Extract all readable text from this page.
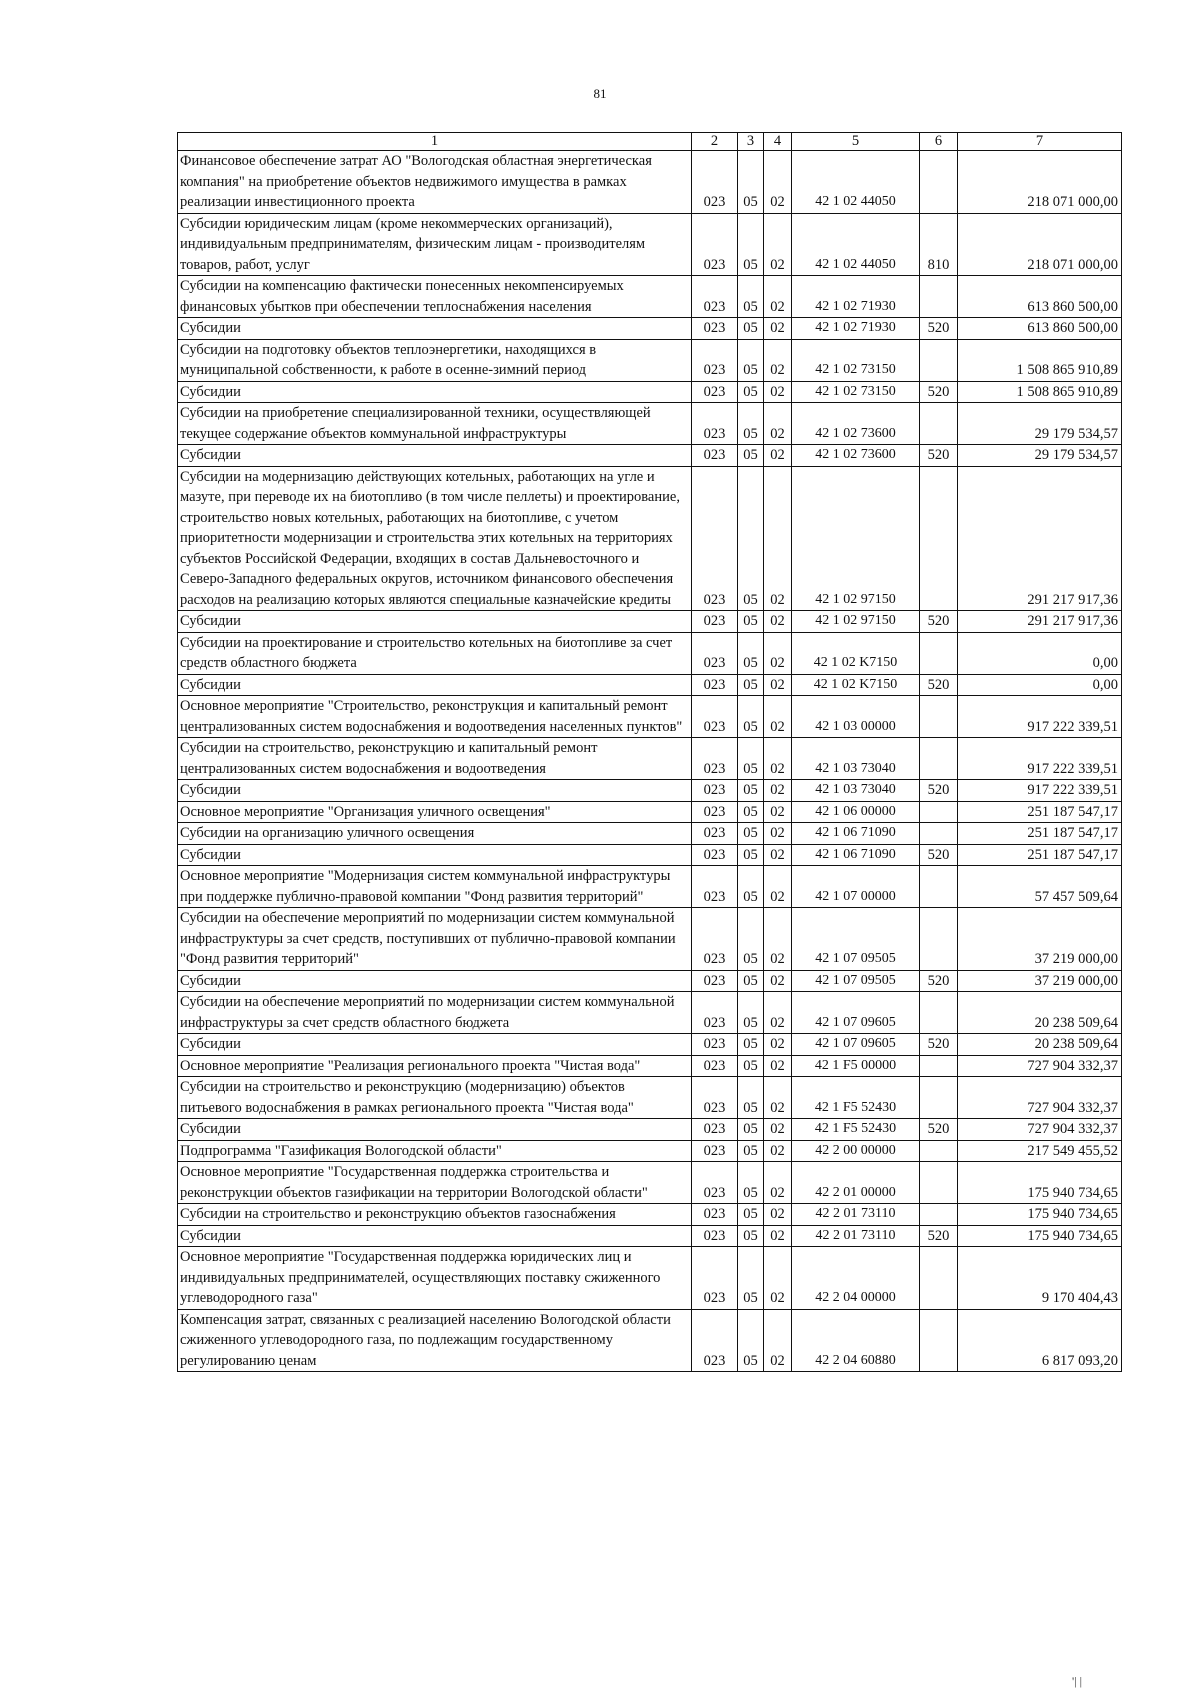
81
1	2	3	4	5	6	7
Финансовое обеспечение затрат АО "Вологодская областная энергетическая компания" на приобретение объектов недвижимого имущества в рамках реализации инвестиционного проекта	023	05	02	42 1 02 44050		218 071 000,00
Субсидии юридическим лицам (кроме некоммерческих организаций), индивидуальным предпринимателям, физическим лицам - производителям товаров, работ, услуг	023	05	02	42 1 02 44050	810	218 071 000,00
Субсидии на компенсацию фактически понесенных некомпенсируемых финансовых убытков при обеспечении теплоснабжения населения	023	05	02	42 1 02 71930		613 860 500,00
Субсидии	023	05	02	42 1 02 71930	520	613 860 500,00
Субсидии на подготовку объектов теплоэнергетики, находящихся в муниципальной собственности, к работе в осенне-зимний период	023	05	02	42 1 02 73150		1 508 865 910,89
Субсидии	023	05	02	42 1 02 73150	520	1 508 865 910,89
Субсидии на приобретение специализированной техники, осуществляющей текущее содержание объектов коммунальной инфраструктуры	023	05	02	42 1 02 73600		29 179 534,57
Субсидии	023	05	02	42 1 02 73600	520	29 179 534,57
Субсидии на модернизацию действующих котельных, работающих на угле и мазуте, при переводе их на биотопливо (в том числе пеллеты) и проектирование, строительство новых котельных, работающих на биотопливе, с учетом приоритетности модернизации и строительства этих котельных на территориях субъектов Российской Федерации, входящих в состав Дальневосточного и Северо-Западного федеральных округов, источником финансового обеспечения расходов на реализацию которых являются специальные казначейские кредиты	023	05	02	42 1 02 97150		291 217 917,36
Субсидии	023	05	02	42 1 02 97150	520	291 217 917,36
Субсидии на проектирование и строительство котельных на биотопливе за счет средств областного бюджета	023	05	02	42 1 02 K7150		0,00
Субсидии	023	05	02	42 1 02 K7150	520	0,00
Основное мероприятие "Строительство, реконструкция и капитальный ремонт централизованных систем водоснабжения и водоотведения населенных пунктов"	023	05	02	42 1 03 00000		917 222 339,51
Субсидии на строительство, реконструкцию и капитальный ремонт централизованных систем водоснабжения и водоотведения	023	05	02	42 1 03 73040		917 222 339,51
Субсидии	023	05	02	42 1 03 73040	520	917 222 339,51
Основное мероприятие "Организация уличного освещения"	023	05	02	42 1 06 00000		251 187 547,17
Субсидии на организацию уличного освещения	023	05	02	42 1 06 71090		251 187 547,17
Субсидии	023	05	02	42 1 06 71090	520	251 187 547,17
Основное мероприятие "Модернизация систем коммунальной инфраструктуры при поддержке публично-правовой компании "Фонд развития территорий"	023	05	02	42 1 07 00000		57 457 509,64
Субсидии на обеспечение мероприятий по модернизации систем коммунальной инфраструктуры за счет средств, поступивших от публично-правовой компании "Фонд развития территорий"	023	05	02	42 1 07 09505		37 219 000,00
Субсидии	023	05	02	42 1 07 09505	520	37 219 000,00
Субсидии на обеспечение мероприятий по модернизации систем коммунальной инфраструктуры за счет средств областного бюджета	023	05	02	42 1 07 09605		20 238 509,64
Субсидии	023	05	02	42 1 07 09605	520	20 238 509,64
Основное мероприятие "Реализация регионального проекта "Чистая вода"	023	05	02	42 1 F5 00000		727 904 332,37
Субсидии на строительство и реконструкцию (модернизацию) объектов питьевого водоснабжения в рамках регионального проекта "Чистая вода"	023	05	02	42 1 F5 52430		727 904 332,37
Субсидии	023	05	02	42 1 F5 52430	520	727 904 332,37
Подпрограмма "Газификация Вологодской области"	023	05	02	42 2 00 00000		217 549 455,52
Основное мероприятие "Государственная поддержка строительства и реконструкции объектов газификации на территории Вологодской области"	023	05	02	42 2 01 00000		175 940 734,65
Субсидии на строительство и реконструкцию объектов газоснабжения	023	05	02	42 2 01 73110		175 940 734,65
Субсидии	023	05	02	42 2 01 73110	520	175 940 734,65
Основное мероприятие "Государственная поддержка юридических лиц и индивидуальных предпринимателей, осуществляющих поставку сжиженного углеводородного газа"	023	05	02	42 2 04 00000		9 170 404,43
Компенсация затрат, связанных с реализацией населению Вологодской области сжиженного углеводородного газа, по подлежащим государственному регулированию ценам	023	05	02	42 2 04 60880		6 817 093,20
'| |
